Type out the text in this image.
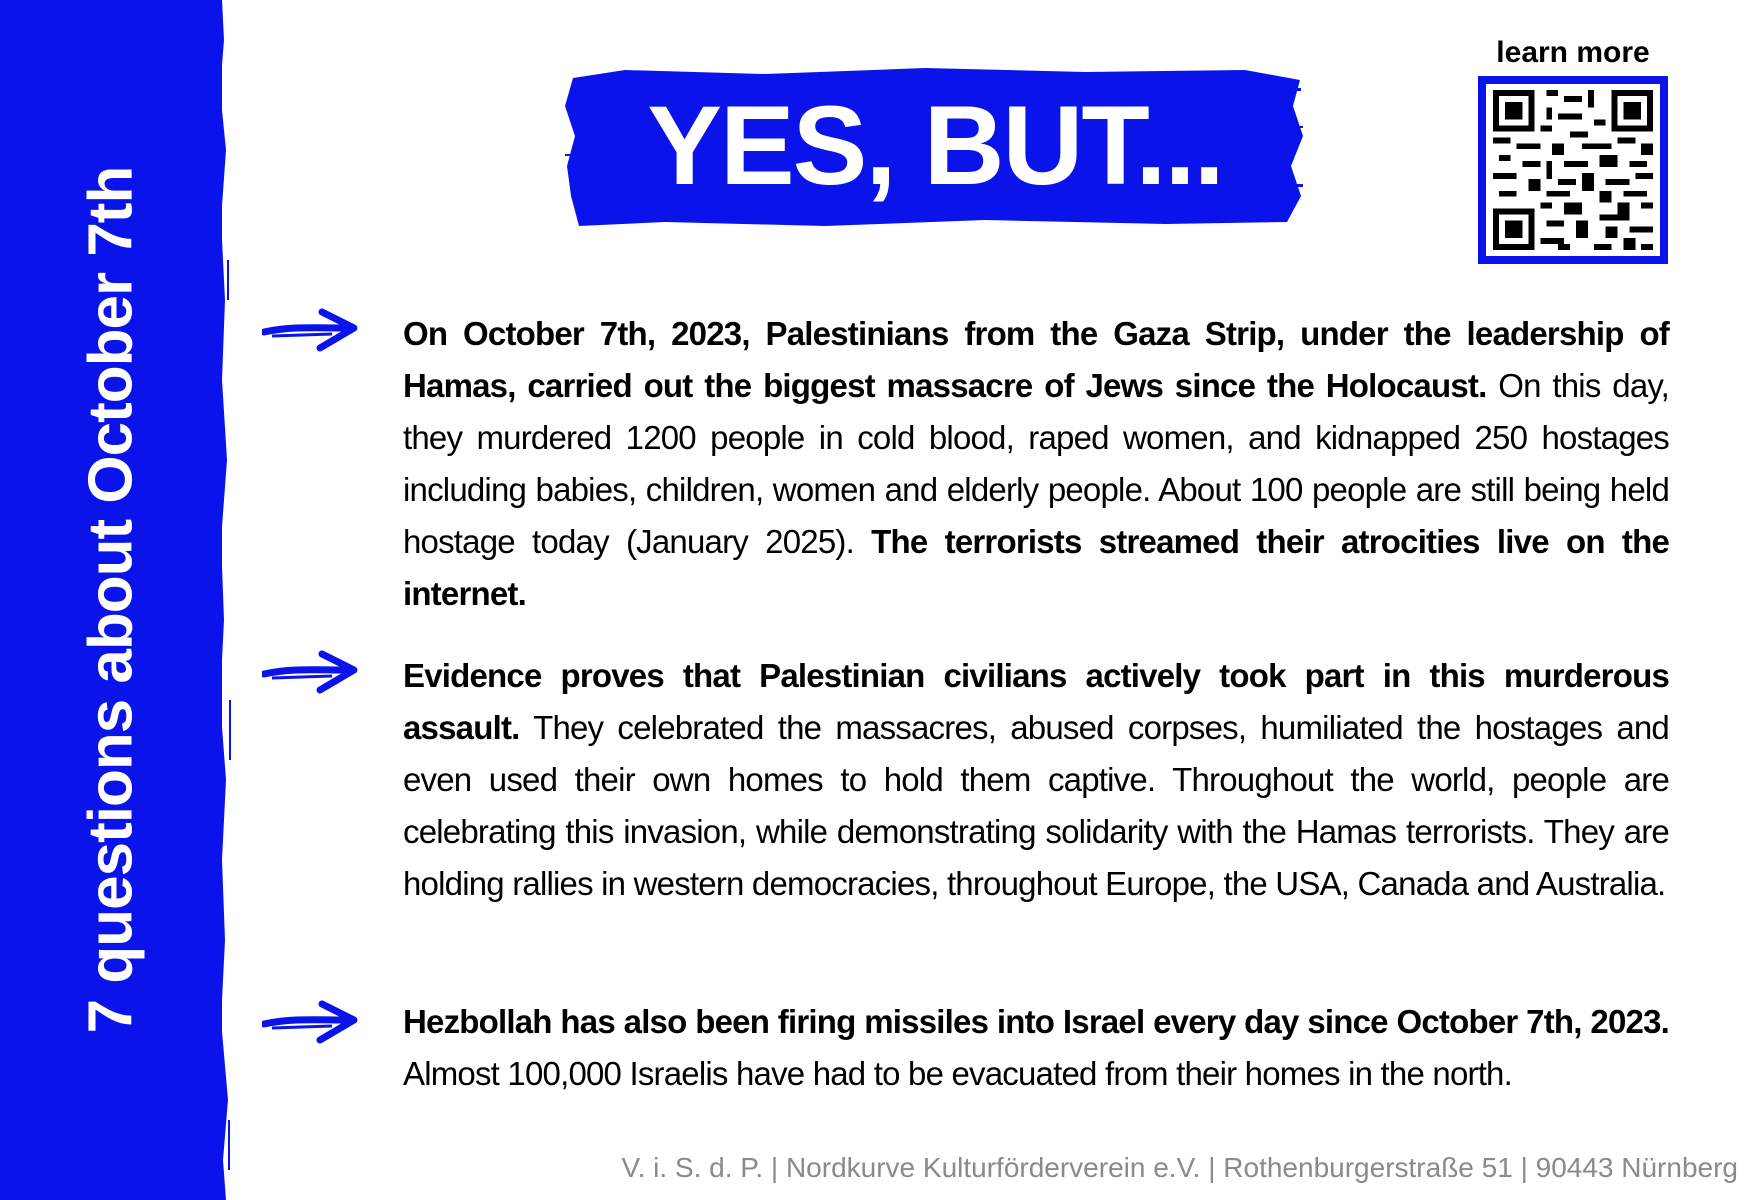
7 questions about October 7th
YES, BUT...
learn more
On October 7th, 2023, Palestinians from the Gaza Strip, under the leadership of Hamas, carried out the biggest massacre of Jews since the Holocaust. On this day, they murdered 1200 people in cold blood, raped women, and kidnapped 250 hostages including babies, children, women and elderly people. About 100 people are still being held hostage today (January 2025). The terrorists streamed their atrocities live on the internet.
Evidence proves that Palestinian civilians actively took part in this murderous assault. They celebrated the massacres, abused corpses, humiliated the hostages and even used their own homes to hold them captive. Throughout the world, people are celebrating this invasion, while demonstrating solidarity with the Hamas terrorists. They are holding rallies in western democracies, throughout Europe, the USA, Canada and Australia.
Hezbollah has also been firing missiles into Israel every day since October 7th, 2023. Almost 100,000 Israelis have had to be evacuated from their homes in the north.
V. i. S. d. P. | Nordkurve Kulturförderverein e.V. | Rothenburgerstraße 51 | 90443 Nürnberg
